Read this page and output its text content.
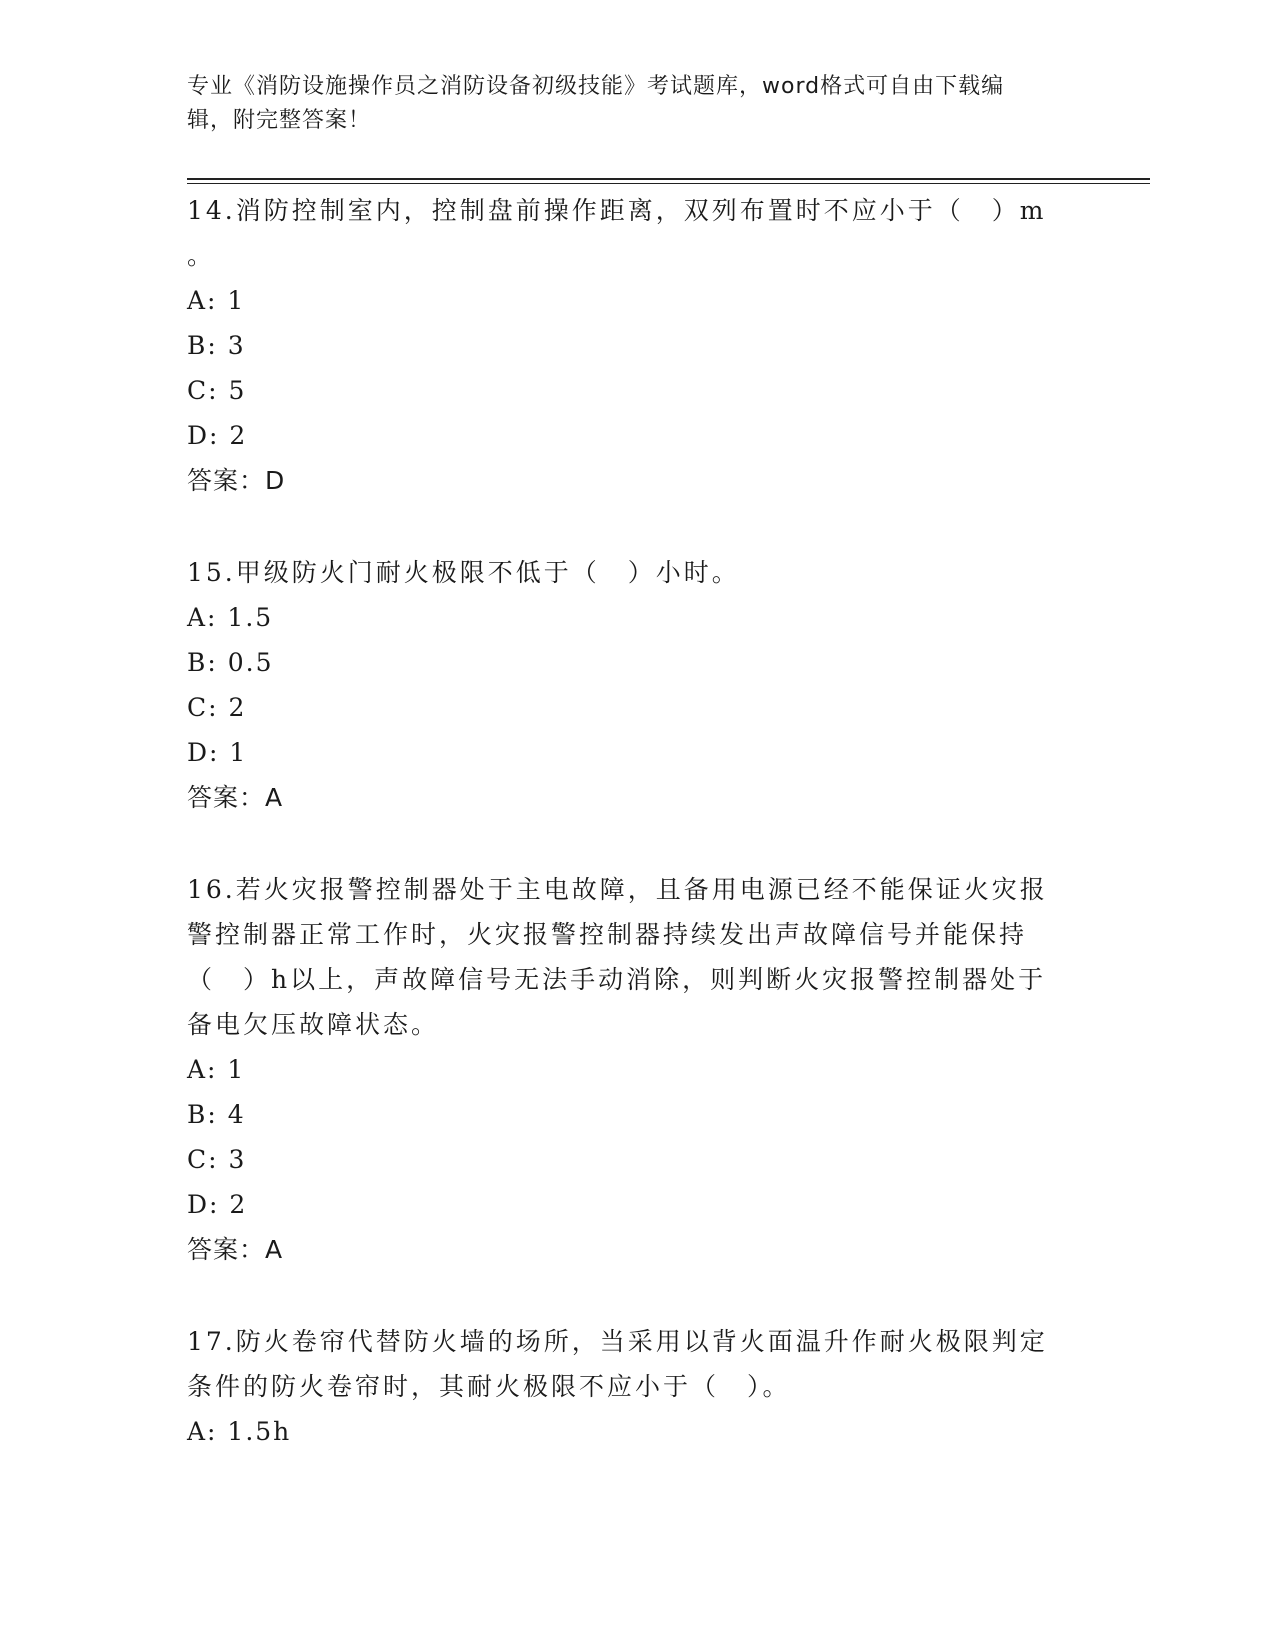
专业《消防设施操作员之消防设备初级技能》考试题库，word格式可自由下载编
辑，附完整答案！
14.消防控制室内，控制盘前操作距离，双列布置时不应小于（　）m
。
A: 1
B: 3
C: 5
D: 2
答案：D
15.甲级防火门耐火极限不低于（　）小时。
A: 1.5
B: 0.5
C: 2
D: 1
答案：A
16.若火灾报警控制器处于主电故障，且备用电源已经不能保证火灾报
警控制器正常工作时，火灾报警控制器持续发出声故障信号并能保持
（　）h以上，声故障信号无法手动消除，则判断火灾报警控制器处于
备电欠压故障状态。
A: 1
B: 4
C: 3
D: 2
答案：A
17.防火卷帘代替防火墙的场所，当采用以背火面温升作耐火极限判定
条件的防火卷帘时，其耐火极限不应小于（　）。
A: 1.5h
